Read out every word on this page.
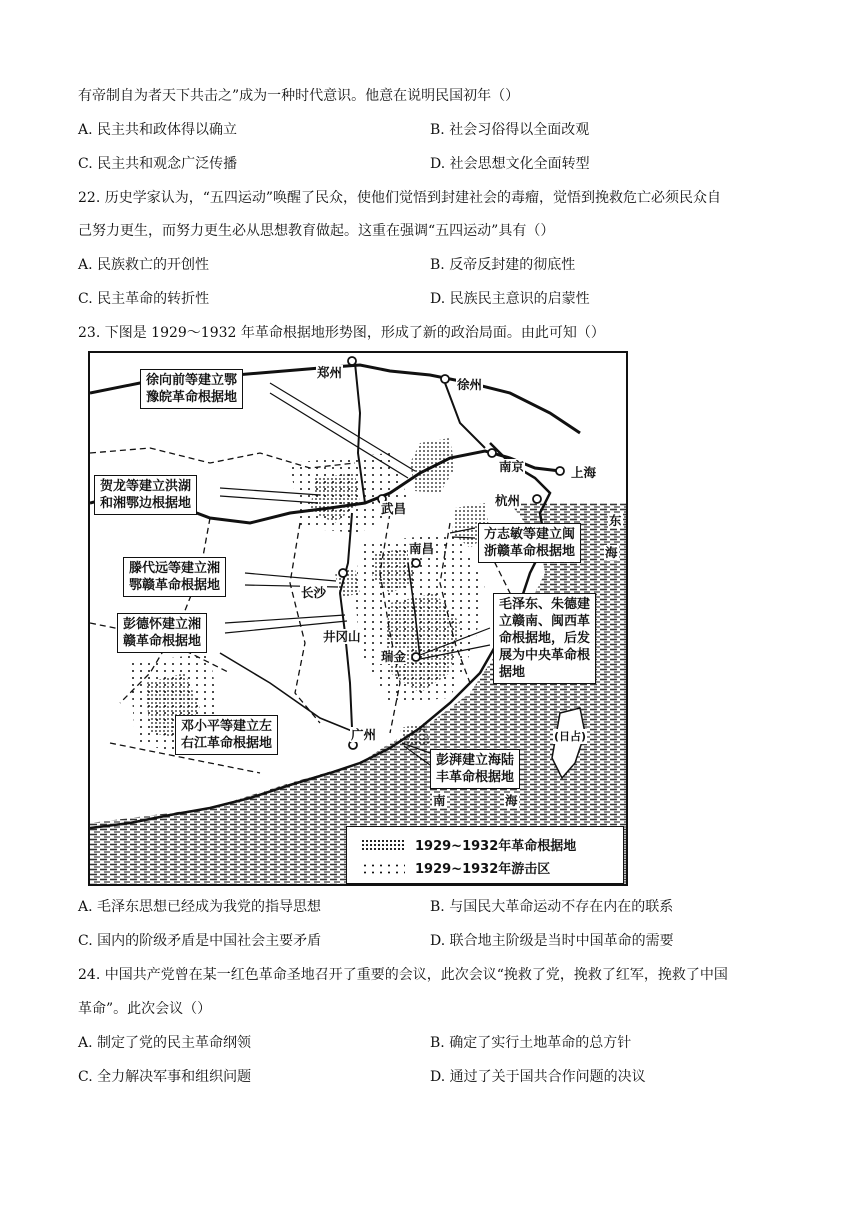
有帝制自为者天下共击之”成为一种时代意识。他意在说明民国初年（）
A. 民主共和政体得以确立	B. 社会习俗得以全面改观
C. 民主共和观念广泛传播	D. 社会思想文化全面转型
22. 历史学家认为，“五四运动”唤醒了民众，使他们觉悟到封建社会的毒瘤，觉悟到挽救危亡必须民众自
己努力更生，而努力更生必从思想教育做起。这重在强调“五四运动”具有（）
A. 民族救亡的开创性	B. 反帝反封建的彻底性
C. 民主革命的转折性	D. 民族民主意识的启蒙性
23. 下图是 1929～1932 年革命根据地形势图，形成了新的政治局面。由此可知（）
徐向前等建立鄂
豫皖革命根据地
贺龙等建立洪湖
和湘鄂边根据地
滕代远等建立湘
鄂赣革命根据地
彭德怀建立湘
赣革命根据地
邓小平等建立左
右江革命根据地
方志敏等建立闽
浙赣革命根据地
毛泽东、朱德建
立赣南、闽西革
命根据地，后发
展为中央革命根
据地
彭湃建立海陆
丰革命根据地
郑州
徐州
南京	上海
杭州
武昌
南昌
长沙
井冈山
瑞金
广州	(日占)
东
海
南	海
1929~1932年革命根据地
1929~1932年游击区
A. 毛泽东思想已经成为我党的指导思想	B. 与国民大革命运动不存在内在的联系
C. 国内的阶级矛盾是中国社会主要矛盾	D. 联合地主阶级是当时中国革命的需要
24. 中国共产党曾在某一红色革命圣地召开了重要的会议，此次会议“挽救了党，挽救了红军，挽救了中国
革命”。此次会议（）
A. 制定了党的民主革命纲领	B. 确定了实行土地革命的总方针
C. 全力解决军事和组织问题	D. 通过了关于国共合作问题的决议
